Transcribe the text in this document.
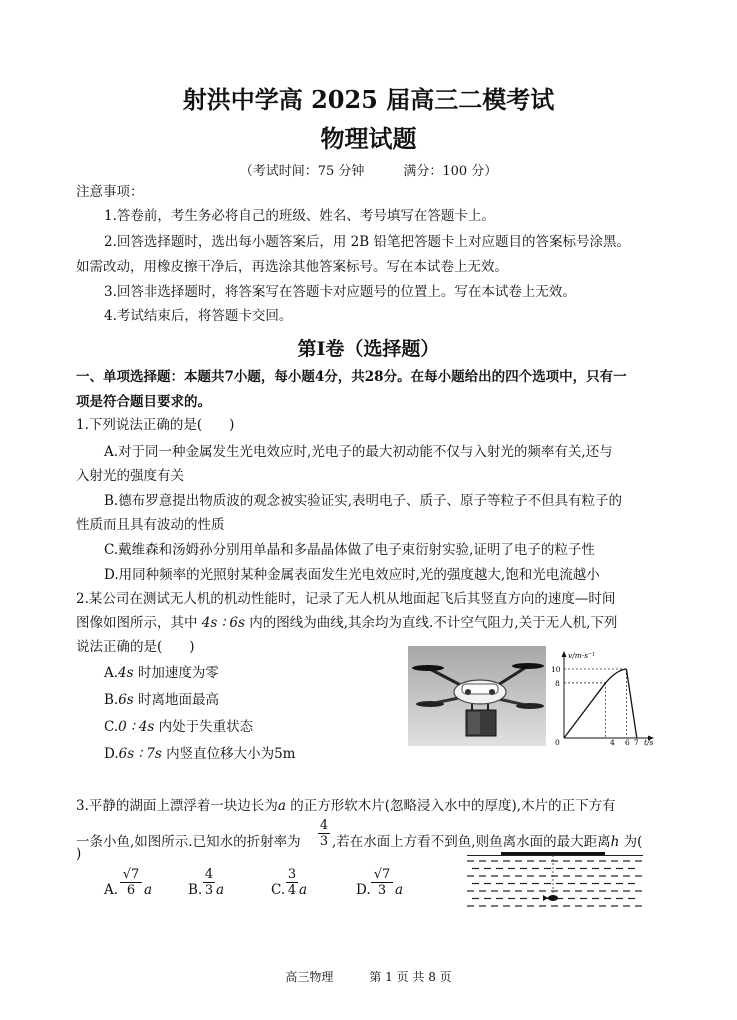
射洪中学高 2025 届高三二模考试
物理试题
（考试时间：75 分钟　　　满分：100 分）
注意事项：
1.答卷前，考生务必将自己的班级、姓名、考号填写在答题卡上。
2.回答选择题时，选出每小题答案后，用 2B 铅笔把答题卡上对应题目的答案标号涂黑。
如需改动，用橡皮擦干净后，再选涂其他答案标号。写在本试卷上无效。
3.回答非选择题时，将答案写在答题卡对应题号的位置上。写在本试卷上无效。
4.考试结束后，将答题卡交回。
第Ⅰ卷（选择题）
一、单项选择题：本题共7小题，每小题4分，共28分。在每小题给出的四个选项中，只有一
项是符合题目要求的。
1.下列说法正确的是(　　)
A.对于同一种金属发生光电效应时,光电子的最大初动能不仅与入射光的频率有关,还与
入射光的强度有关
B.德布罗意提出物质波的观念被实验证实,表明电子、质子、原子等粒子不但具有粒子的
性质而且具有波动的性质
C.戴维森和汤姆孙分别用单晶和多晶晶体做了电子束衍射实验,证明了电子的粒子性
D.用同种频率的光照射某种金属表面发生光电效应时,光的强度越大,饱和光电流越小
2.某公司在测试无人机的机动性能时，记录了无人机从地面起飞后其竖直方向的速度—时间
图像如图所示，其中 4s ∶ 6s 内的图线为曲线,其余均为直线.不计空气阻力,关于无人机,下列
说法正确的是(　　)
A.4s 时加速度为零
B.6s 时离地面最高
C.0 ∶ 4s 内处于失重状态
D.6s ∶ 7s 内竖直位移大小为5m
v/m·s⁻¹
t/s
0
10
8
4 6 7
3.平静的湖面上漂浮着一块边长为a 的正方形软木片(忽略浸入水中的厚度),木片的正下方有
一条小鱼,如图所示.已知水的折射率为 $\frac{4}{3}$ ,若在水面上方看不到鱼,则鱼离水面的最大距离h 为(
)
A. $\frac{√7}{6}$ a	B. $\frac{4}{3}$ a	C. $\frac{3}{4}$ a	D. $\frac{√7}{3}$ a
高三物理　　　第 1 页 共 8 页
